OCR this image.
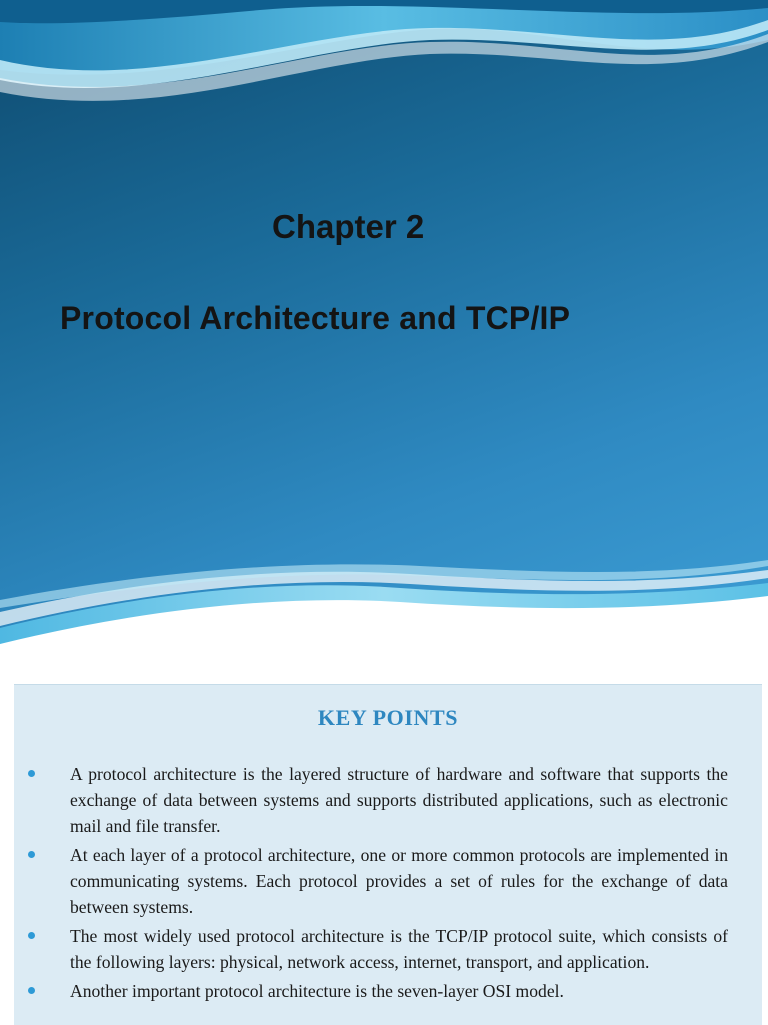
Chapter 2
Protocol Architecture and TCP/IP
KEY POINTS
A protocol architecture is the layered structure of hardware and software that supports the exchange of data between systems and supports distributed applications, such as electronic mail and file transfer.
At each layer of a protocol architecture, one or more common protocols are implemented in communicating systems. Each protocol provides a set of rules for the exchange of data between systems.
The most widely used protocol architecture is the TCP/IP protocol suite, which consists of the following layers: physical, network access, internet, transport, and application.
Another important protocol architecture is the seven-layer OSI model.
